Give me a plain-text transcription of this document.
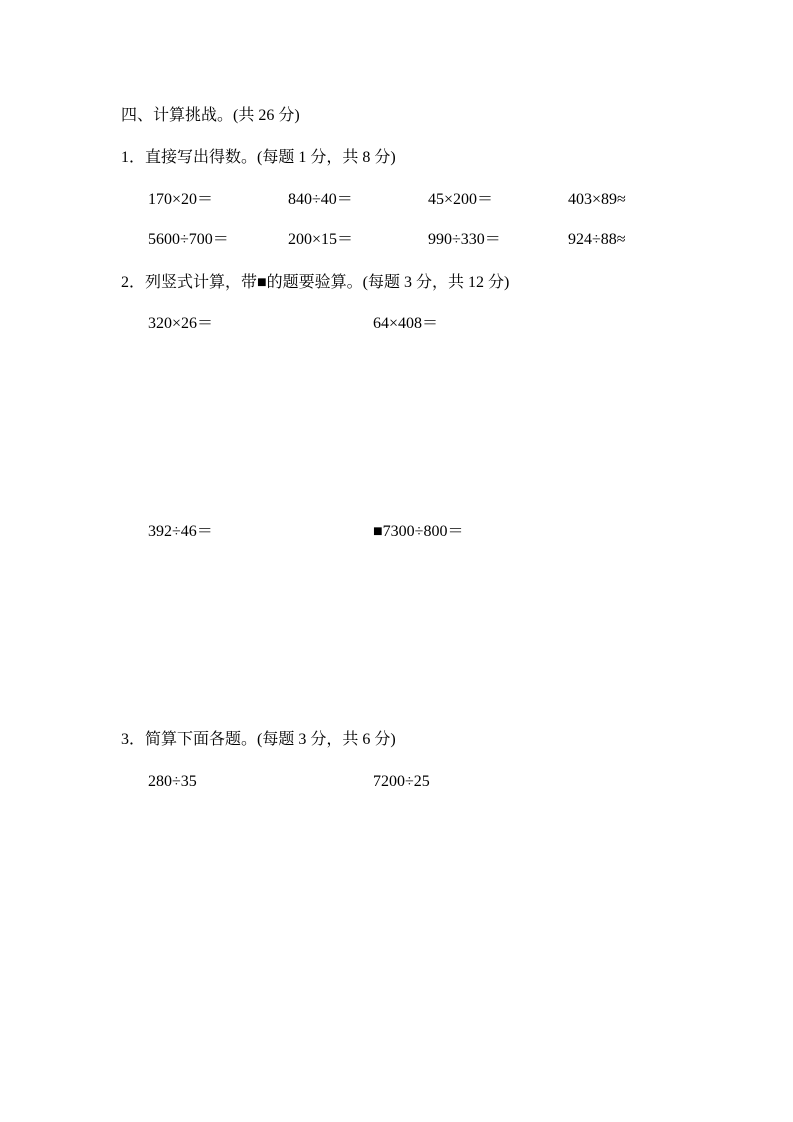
四、计算挑战。(共 26 分)
1．直接写出得数。(每题 1 分，共 8 分)
170×20＝	840÷40＝	45×200＝	403×89≈
5600÷700＝	200×15＝	990÷330＝	924÷88≈
2．列竖式计算，带■的题要验算。(每题 3 分，共 12 分)
320×26＝	64×408＝
392÷46＝	■7300÷800＝
3．简算下面各题。(每题 3 分，共 6 分)
280÷35	7200÷25
